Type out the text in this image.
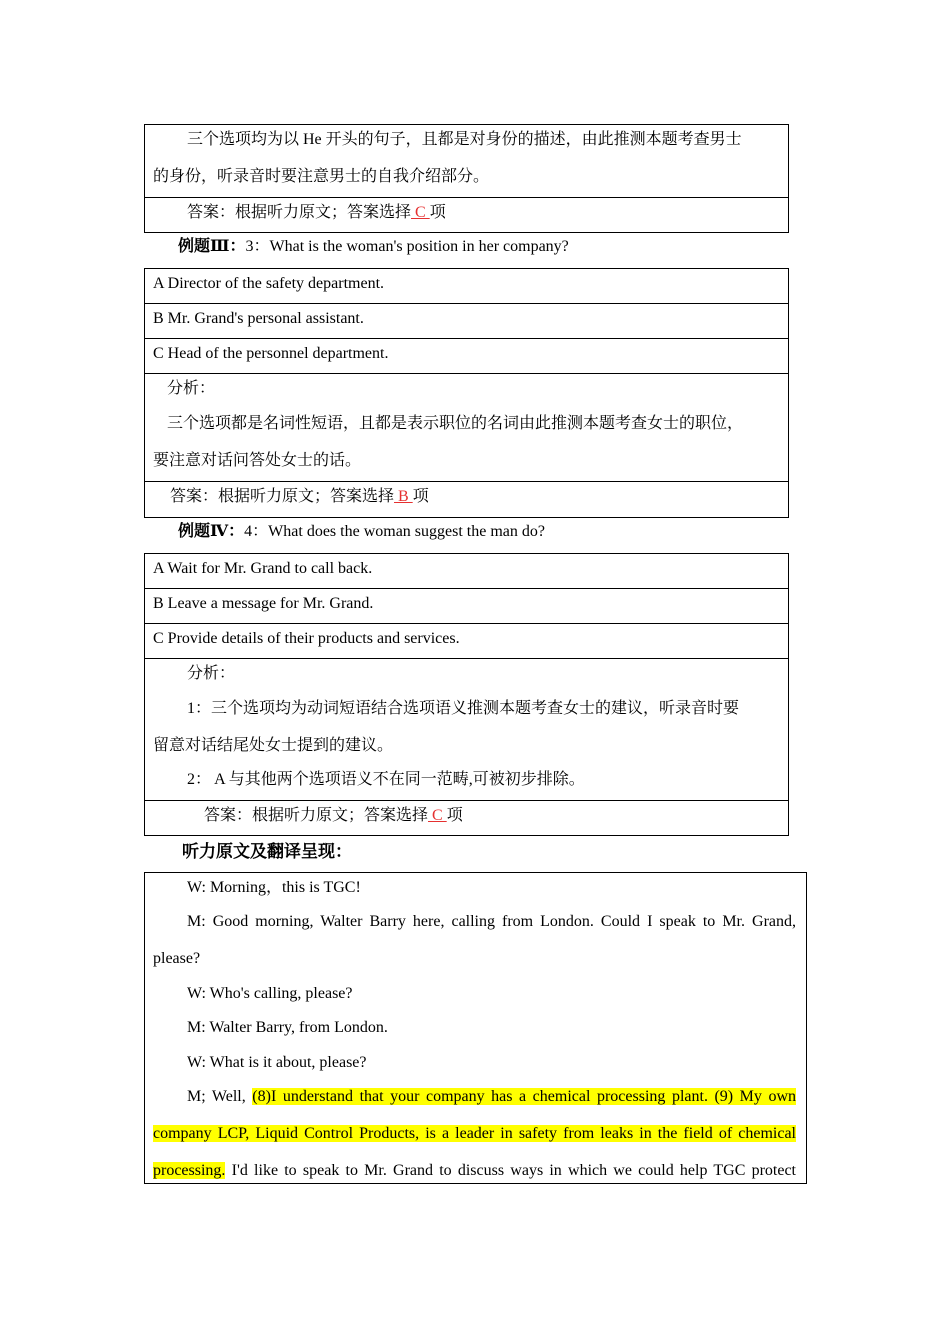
三个选项均为以 He 开头的句子，且都是对身份的描述，由此推测本题考查男士
的身份，听录音时要注意男士的自我介绍部分。
答案：根据听力原文；答案选择 C 项
例题Ⅲ：3：What is the woman's position in her company?
A Director of the safety department.
B Mr. Grand's personal assistant.
C Head of the personnel department.
分析：
三个选项都是名词性短语，且都是表示职位的名词由此推测本题考查女士的职位，
要注意对话问答处女士的话。
答案：根据听力原文；答案选择 B 项
例题Ⅳ：4：What does the woman suggest the man do?
A Wait for Mr. Grand to call back.
B Leave a message for Mr. Grand.
C Provide details of their products and services.
分析：
1：三个选项均为动词短语结合选项语义推测本题考查女士的建议，听录音时要
留意对话结尾处女士提到的建议。
2： A 与其他两个选项语义不在同一范畴,可被初步排除。
答案：根据听力原文；答案选择 C 项
听力原文及翻译呈现：
W: Morning，this is TGC!
M: Good morning, Walter Barry here, calling from London. Could I speak to Mr. Grand,
please?
W: Who's calling, please?
M: Walter Barry, from London.
W: What is it about, please?
M; Well, (8)I understand that your company has a chemical processing plant. (9) My own
company LCP, Liquid Control Products, is a leader in safety from leaks in the field of chemical
processing. I'd like to speak to Mr. Grand to discuss ways in which we could help TGC protect
